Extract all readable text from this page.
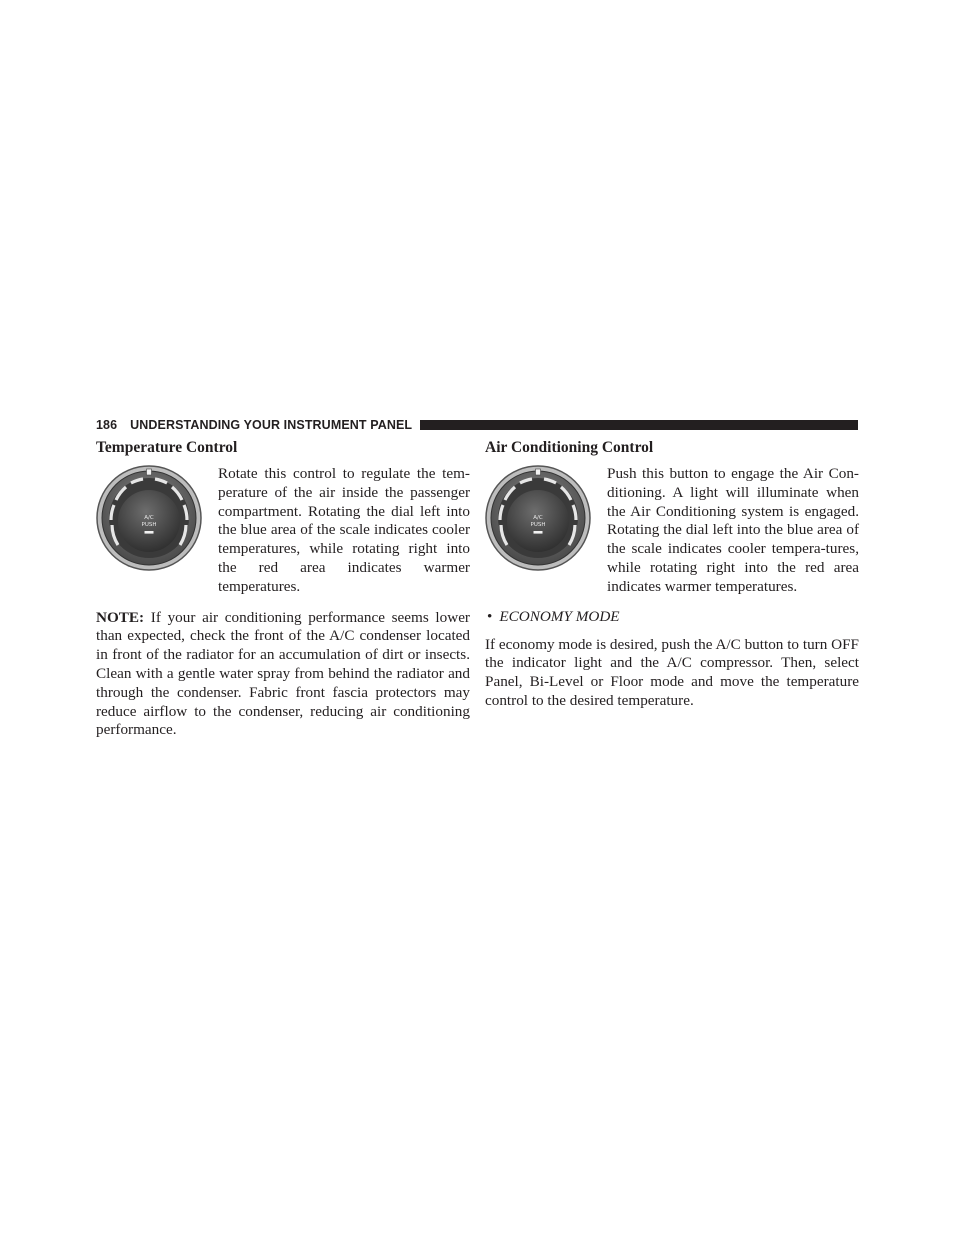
186 UNDERSTANDING YOUR INSTRUMENT PANEL
Temperature Control
A/C
PUSH
Rotate this control to regulate the tem-perature of the air inside the passenger compartment. Rotating the dial left into the blue area of the scale indicates cooler temperatures, while rotating right into the red area indicates warmer temperatures.

NOTE: If your air conditioning performance seems lower than expected, check the front of the A/C condenser located in front of the radiator for an accumulation of dirt or insects. Clean with a gentle water spray from behind the radiator and through the condenser. Fabric front fascia protectors may reduce airflow to the condenser, reducing air conditioning performance.

Air Conditioning Control
A/C
PUSH
Push this button to engage the Air Con-ditioning. A light will illuminate when the Air Conditioning system is engaged. Rotating the dial left into the blue area of the scale indicates cooler tempera-tures, while rotating right into the red area indicates warmer temperatures.
• ECONOMY MODE

If economy mode is desired, push the A/C button to turn OFF the indicator light and the A/C compressor. Then, select Panel, Bi-Level or Floor mode and move the temperature control to the desired temperature.
